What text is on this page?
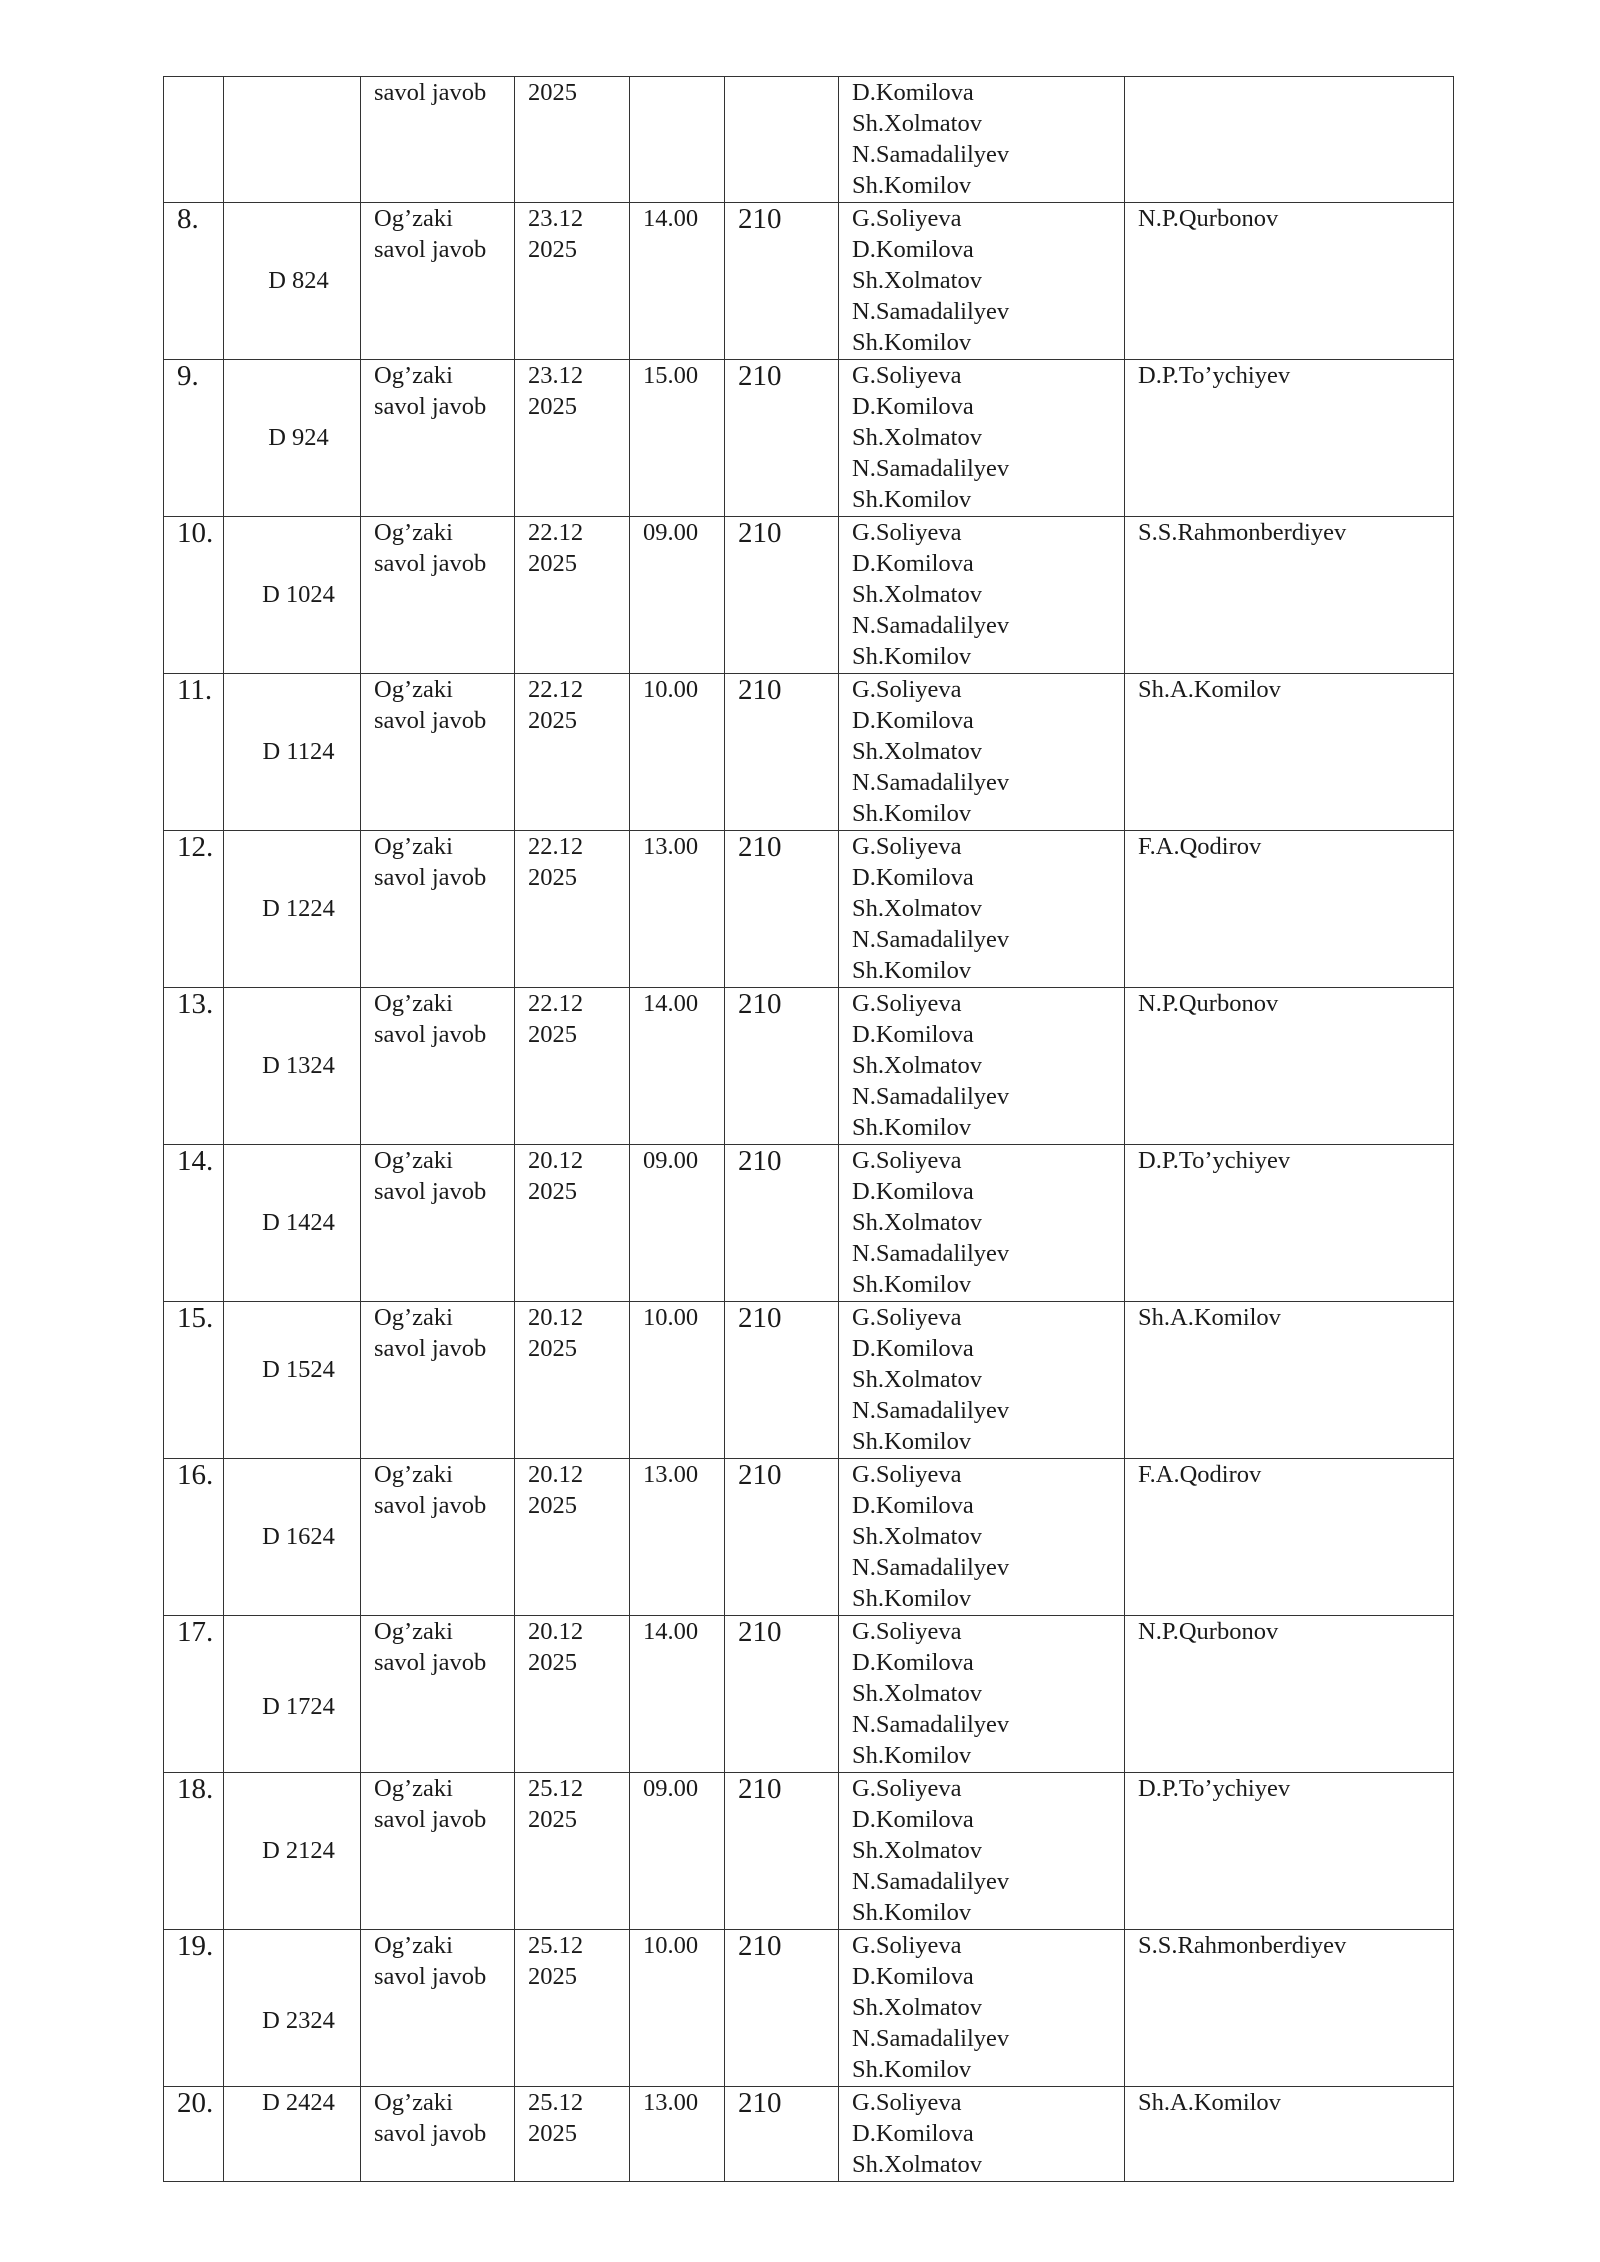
		savol javob	2025			D.Komilova
Sh.Xolmatov
N.Samadalilyev
Sh.Komilov	

8.	D 824	Og’zaki
savol javob	23.12
2025	14.00	210	G.Soliyeva
D.Komilova
Sh.Xolmatov
N.Samadalilyev
Sh.Komilov	N.P.Qurbonov

9.	D 924	Og’zaki
savol javob	23.12
2025	15.00	210	G.Soliyeva
D.Komilova
Sh.Xolmatov
N.Samadalilyev
Sh.Komilov	D.P.To’ychiyev

10.	D 1024	Og’zaki
savol javob	22.12
2025	09.00	210	G.Soliyeva
D.Komilova
Sh.Xolmatov
N.Samadalilyev
Sh.Komilov	S.S.Rahmonberdiyev

11.	D 1124	Og’zaki
savol javob	22.12
2025	10.00	210	G.Soliyeva
D.Komilova
Sh.Xolmatov
N.Samadalilyev
Sh.Komilov	Sh.A.Komilov

12.	D 1224	Og’zaki
savol javob	22.12
2025	13.00	210	G.Soliyeva
D.Komilova
Sh.Xolmatov
N.Samadalilyev
Sh.Komilov	F.A.Qodirov

13.	D 1324	Og’zaki
savol javob	22.12
2025	14.00	210	G.Soliyeva
D.Komilova
Sh.Xolmatov
N.Samadalilyev
Sh.Komilov	N.P.Qurbonov

14.	D 1424	Og’zaki
savol javob	20.12
2025	09.00	210	G.Soliyeva
D.Komilova
Sh.Xolmatov
N.Samadalilyev
Sh.Komilov	D.P.To’ychiyev

15.	D 1524	Og’zaki
savol javob	20.12
2025	10.00	210	G.Soliyeva
D.Komilova
Sh.Xolmatov
N.Samadalilyev
Sh.Komilov	Sh.A.Komilov

16.	D 1624	Og’zaki
savol javob	20.12
2025	13.00	210	G.Soliyeva
D.Komilova
Sh.Xolmatov
N.Samadalilyev
Sh.Komilov	F.A.Qodirov

17.	D 1724	Og’zaki
savol javob	20.12
2025	14.00	210	G.Soliyeva
D.Komilova
Sh.Xolmatov
N.Samadalilyev
Sh.Komilov	N.P.Qurbonov

18.	D 2124	Og’zaki
savol javob	25.12
2025	09.00	210	G.Soliyeva
D.Komilova
Sh.Xolmatov
N.Samadalilyev
Sh.Komilov	D.P.To’ychiyev

19.	D 2324	Og’zaki
savol javob	25.12
2025	10.00	210	G.Soliyeva
D.Komilova
Sh.Xolmatov
N.Samadalilyev
Sh.Komilov	S.S.Rahmonberdiyev

20.	D 2424	Og’zaki
savol javob	25.12
2025	13.00	210	G.Soliyeva
D.Komilova
Sh.Xolmatov	Sh.A.Komilov
